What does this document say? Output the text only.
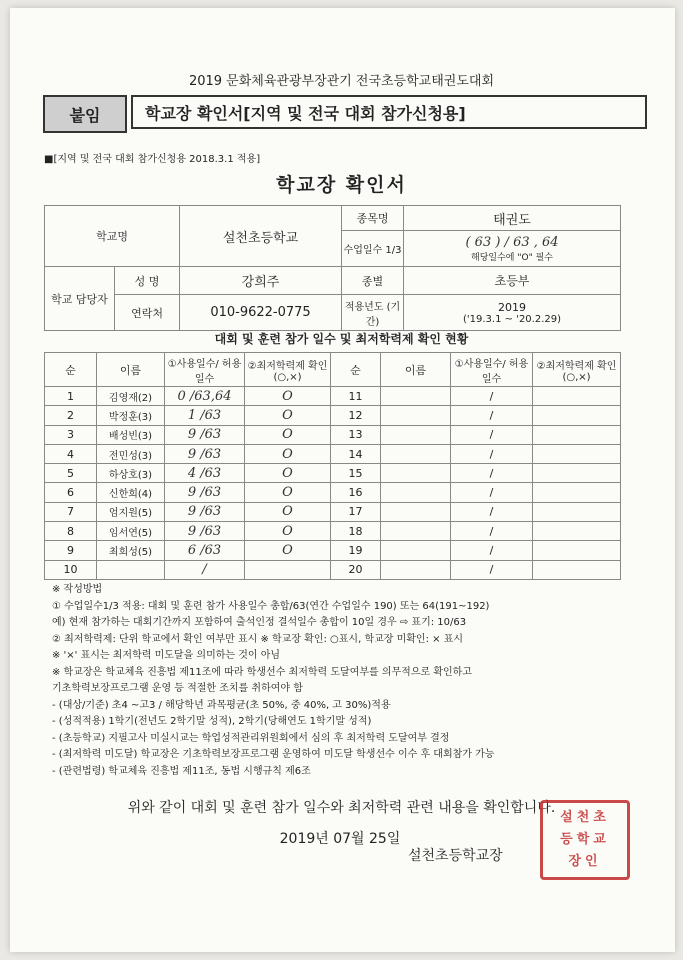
2019 문화체육관광부장관기 전국초등학교태권도대회
붙임	학교장 확인서[지역 및 전국 대회 참가신청용]
■[지역 및 전국 대회 참가신청용 2018.3.1 적용]
학교장 확인서
학교명		설천초등학교	종목명	태권도
			수업일수 1/3	( 63 ) / 63 , 64
해당일수에 "O" 필수

학교 담당자	성 명	강희주	종별	초등부
	연락처	010-9622-0775	적용년도 (기간)	2019
('19.3.1 ~ '20.2.29)
대회 및 훈련 참가 일수 및 최저학력제 확인 현황
순	이름	①사용일수/ 허용일수	②최저학력제 확인(○,×)	순	이름	①사용일수/ 허용일수	②최저학력제 확인(○,×)
1	김영재(2)	0 /63,64	O	11		/	
2	박정훈(3)	1 /63	O	12		/	
3	배성빈(3)	9 /63	O	13		/	
4	전민성(3)	9 /63	O	14		/	
5	하상호(3)	4 /63	O	15		/	
6	신한희(4)	9 /63	O	16		/	
7	엄지원(5)	9 /63	O	17		/	
8	임서연(5)	9 /63	O	18		/	
9	최희성(5)	6 /63	O	19		/	
10		/		20		/	
※ 작성방법
① 수업일수1/3 적용: 대회 및 훈련 참가 사용일수 총합/63(연간 수업일수 190) 또는 64(191~192)
예) 현재 참가하는 대회기간까지 포함하여 출석인정 결석일수 총합이 10일 경우 ⇨ 표기: 10/63
② 최저학력제: 단위 학교에서 확인 여부만 표시 ※ 학교장 확인: ○표시, 학교장 미확인: × 표시
※ '×' 표시는 최저학력 미도달을 의미하는 것이 아님
※ 학교장은 학교체육 진흥법 제11조에 따라 학생선수 최저학력 도달여부를 의무적으로 확인하고
기초학력보장프로그램 운영 등 적절한 조치를 취하여야 함
- (대상/기준) 초4 ~고3 / 해당학년 과목평균(초 50%, 중 40%, 고 30%)적용
- (성적적용) 1학기(전년도 2학기말 성적), 2학기(당해연도 1학기말 성적)
- (초등학교) 지필고사 미실시교는 학업성적관리위원회에서 심의 후 최저학력 도달여부 결정
- (최저학력 미도달) 학교장은 기초학력보장프로그램 운영하여 미도달 학생선수 이수 후 대회참가 가능
- (관련법령) 학교체육 진흥법 제11조, 동법 시행규칙 제6조
위와 같이 대회 및 훈련 참가 일수와 최저학력 관련 내용을 확인합니다.
2019년 07월 25일
설천초등학교장
설천초등학교장인
